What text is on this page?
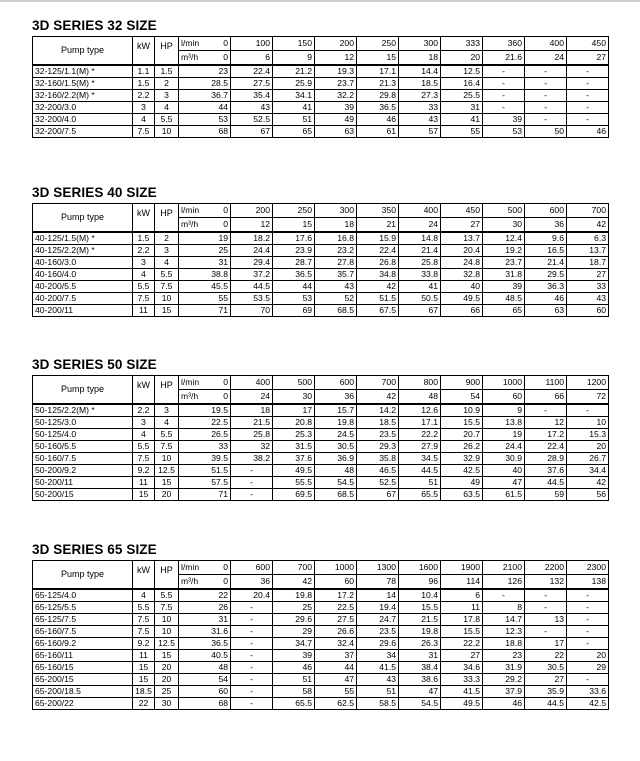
3D SERIES 32 SIZE
Pump type	kW	HP	l/min	0	100	150	200	250	300	333	360	400	450
			m³/h	0	6	9	12	15	18	20	21.6	24	27
32-125/1.1(M) *	1.1	1.5	23		22.4	21.2	19.3	17.1	14.4	12.5	-	-	-
32-160/1.5(M) *	1.5	2	28.5		27.5	25.9	23.7	21.3	18.5	16.4	-	-	-
32-160/2.2(M) *	2.2	3	36.7		35.4	34.1	32.2	29.8	27.3	25.5	-	-	-
32-200/3.0	3	4	44		43	41	39	36.5	33	31	-	-	-
32-200/4.0	4	5.5	53		52.5	51	49	46	43	41	39	-	-
32-200/7.5	7.5	10	68		67	65	63	61	57	55	53	50	46
3D SERIES 40 SIZE
Pump type	kW	HP	l/min	0	200	250	300	350	400	450	500	600	700
			m³/h	0	12	15	18	21	24	27	30	36	42
40-125/1.5(M) *	1.5	2	19		18.2	17.6	16.8	15.9	14.8	13.7	12.4	9.6	6.3
40-125/2.2(M) *	2.2	3	25		24.4	23.9	23.2	22.4	21.4	20.4	19.2	16.5	13.7
40-160/3.0	3	4	31		29.4	28.7	27.8	26.8	25.8	24.8	23.7	21.4	18.7
40-160/4.0	4	5.5	38.8		37.2	36.5	35.7	34.8	33.8	32.8	31.8	29.5	27
40-200/5.5	5.5	7.5	45.5		44.5	44	43	42	41	40	39	36.3	33
40-200/7.5	7.5	10	55		53.5	53	52	51.5	50.5	49.5	48.5	46	43
40-200/11	11	15	71		70	69	68.5	67.5	67	66	65	63	60
3D SERIES 50 SIZE
Pump type	kW	HP	l/min	0	400	500	600	700	800	900	1000	1100	1200
			m³/h	0	24	30	36	42	48	54	60	66	72
50-125/2.2(M) *	2.2	3	19.5		18	17	15.7	14.2	12.6	10.9	9	-	-
50-125/3.0	3	4	22.5		21.5	20.8	19.8	18.5	17.1	15.5	13.8	12	10
50-125/4.0	4	5.5	26.5		25.8	25.3	24.5	23.5	22.2	20.7	19	17.2	15.3
50-160/5.5	5.5	7.5	33		32	31.5	30.5	29.3	27.9	26.2	24.4	22.4	20
50-160/7.5	7.5	10	39.5		38.2	37.6	36.9	35.8	34.5	32.9	30.9	28.9	26.7
50-200/9.2	9.2	12.5	51.5		-	49.5	48	46.5	44.5	42.5	40	37.6	34.4
50-200/11	11	15	57.5		-	55.5	54.5	52.5	51	49	47	44.5	42
50-200/15	15	20	71		-	69.5	68.5	67	65.5	63.5	61.5	59	56
3D SERIES 65 SIZE
Pump type	kW	HP	l/min	0	600	700	1000	1300	1600	1900	2100	2200	2300
			m³/h	0	36	42	60	78	96	114	126	132	138
65-125/4.0	4	5.5	22		20.4	19.8	17.2	14	10.4	6	-	-	-
65-125/5.5	5.5	7.5	26		-	25	22.5	19.4	15.5	11	8	-	-
65-125/7.5	7.5	10	31		-	29.6	27.5	24.7	21.5	17.8	14.7	13	-
65-160/7.5	7.5	10	31.6		-	29	26.6	23.5	19.8	15.5	12.3	-	-
65-160/9.2	9.2	12.5	36.5		-	34.7	32.4	29.6	26.3	22.2	18.8	17	-
65-160/11	11	15	40.5		-	39	37	34	31	27	23	22	20
65-160/15	15	20	48		-	46	44	41.5	38.4	34.6	31.9	30.5	29
65-200/15	15	20	54		-	51	47	43	38.6	33.3	29.2	27	-
65-200/18.5	18.5	25	60		-	58	55	51	47	41.5	37.9	35.9	33.6
65-200/22	22	30	68		-	65.5	62.5	58.5	54.5	49.5	46	44.5	42.5
